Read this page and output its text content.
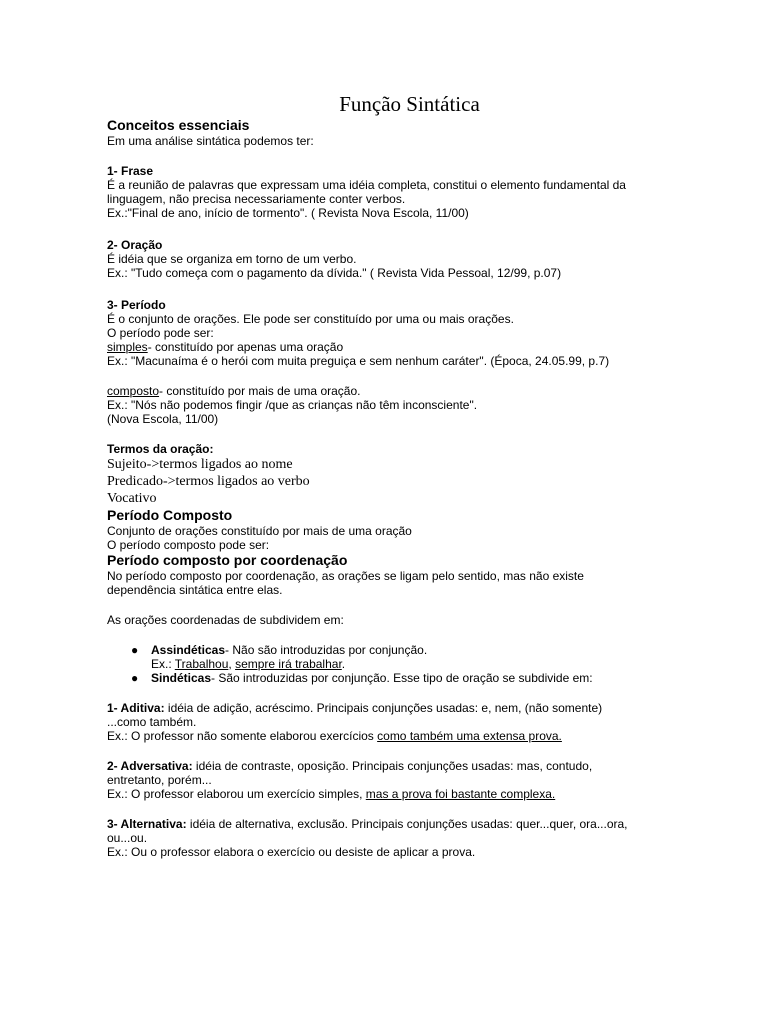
Função Sintática

Conceitos essenciais

Em uma análise sintática podemos ter:

1- Frase

É a reunião de palavras que expressam uma idéia completa, constitui o elemento fundamental da

linguagem, não precisa necessariamente conter verbos.

Ex.:"Final de ano, início de tormento". ( Revista Nova Escola, 11/00)

2- Oração

É idéia que se organiza em torno de um verbo.

Ex.: "Tudo começa com o pagamento da dívida." ( Revista Vida Pessoal, 12/99, p.07)

3- Período

É o conjunto de orações. Ele pode ser constituído por uma ou mais orações.

O período pode ser:

simples- constituído por apenas uma oração

Ex.: "Macunaíma é o herói com muita preguiça e sem nenhum caráter". (Época, 24.05.99, p.7)

composto- constituído por mais de uma oração.

Ex.: "Nós não podemos fingir /que as crianças não têm inconsciente".

(Nova Escola, 11/00)

Termos da oração:

Sujeito->termos ligados ao nome

Predicado->termos ligados ao verbo

Vocativo

Período Composto

Conjunto de orações constituído por mais de uma oração

O período composto pode ser:

Período composto por coordenação

No período composto por coordenação, as orações se ligam pelo sentido, mas não existe

dependência sintática entre elas.

As orações coordenadas de subdividem em:

● Assindéticas- Não são introduzidas por conjunção.
Ex.: Trabalhou, sempre irá trabalhar.
● Sindéticas- São introduzidas por conjunção. Esse tipo de oração se subdivide em:

1- Aditiva: idéia de adição, acréscimo. Principais conjunções usadas: e, nem, (não somente)

...como também.

Ex.: O professor não somente elaborou exercícios como também uma extensa prova.

2- Adversativa: idéia de contraste, oposição. Principais conjunções usadas: mas, contudo,

entretanto, porém...

Ex.: O professor elaborou um exercício simples, mas a prova foi bastante complexa.

3- Alternativa: idéia de alternativa, exclusão. Principais conjunções usadas: quer...quer, ora...ora,

ou...ou.

Ex.: Ou o professor elabora o exercício ou desiste de aplicar a prova.
